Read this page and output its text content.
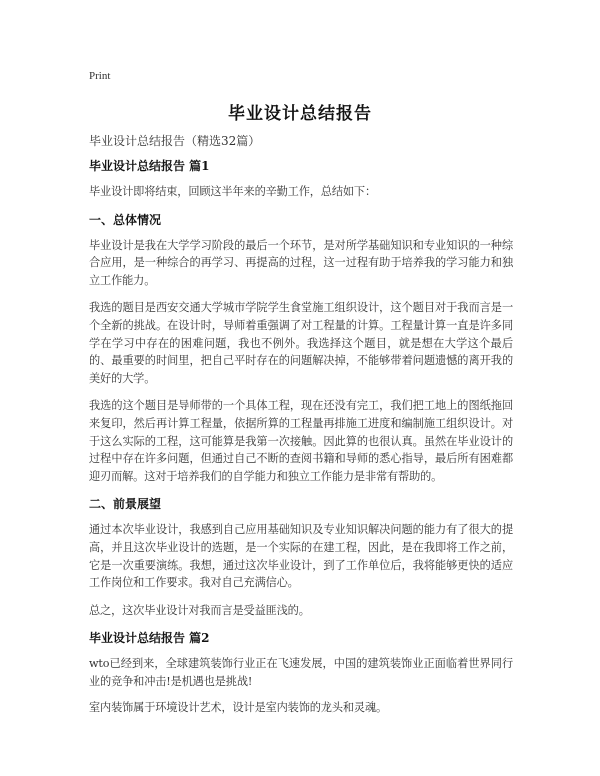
Print
毕业设计总结报告
毕业设计总结报告（精选32篇）
毕业设计总结报告 篇1

毕业设计即将结束，回顾这半年来的辛勤工作，总结如下：

一、总体情况

毕业设计是我在大学学习阶段的最后一个环节，是对所学基础知识和专业知识的一种综合应用，是一种综合的再学习、再提高的过程，这一过程有助于培养我的学习能力和独立工作能力。

我选的题目是西安交通大学城市学院学生食堂施工组织设计，这个题目对于我而言是一个全新的挑战。在设计时，导师着重强调了对工程量的计算。工程量计算一直是许多同学在学习中存在的困难问题，我也不例外。我选择这个题目，就是想在大学这个最后的、最重要的时间里，把自己平时存在的问题解决掉，不能够带着问题遗憾的离开我的美好的大学。

我选的这个题目是导师带的一个具体工程，现在还没有完工，我们把工地上的图纸拖回来复印，然后再计算工程量，依据所算的工程量再排施工进度和编制施工组织设计。对于这么实际的工程，这可能算是我第一次接触。因此算的也很认真。虽然在毕业设计的过程中存在许多问题，但通过自己不断的查阅书籍和导师的悉心指导，最后所有困难都迎刃而解。这对于培养我们的自学能力和独立工作能力是非常有帮助的。

二、前景展望

通过本次毕业设计，我感到自己应用基础知识及专业知识解决问题的能力有了很大的提高，并且这次毕业设计的选题，是一个实际的在建工程，因此，是在我即将工作之前，它是一次重要演练。我想，通过这次毕业设计，到了工作单位后，我将能够更快的适应工作岗位和工作要求。我对自己充满信心。

总之，这次毕业设计对我而言是受益匪浅的。

毕业设计总结报告 篇2

wto已经到来，全球建筑装饰行业正在飞速发展，中国的建筑装饰业正面临着世界同行业的竞争和冲击!是机遇也是挑战!

室内装饰属于环境设计艺术，设计是室内装饰的龙头和灵魂。
